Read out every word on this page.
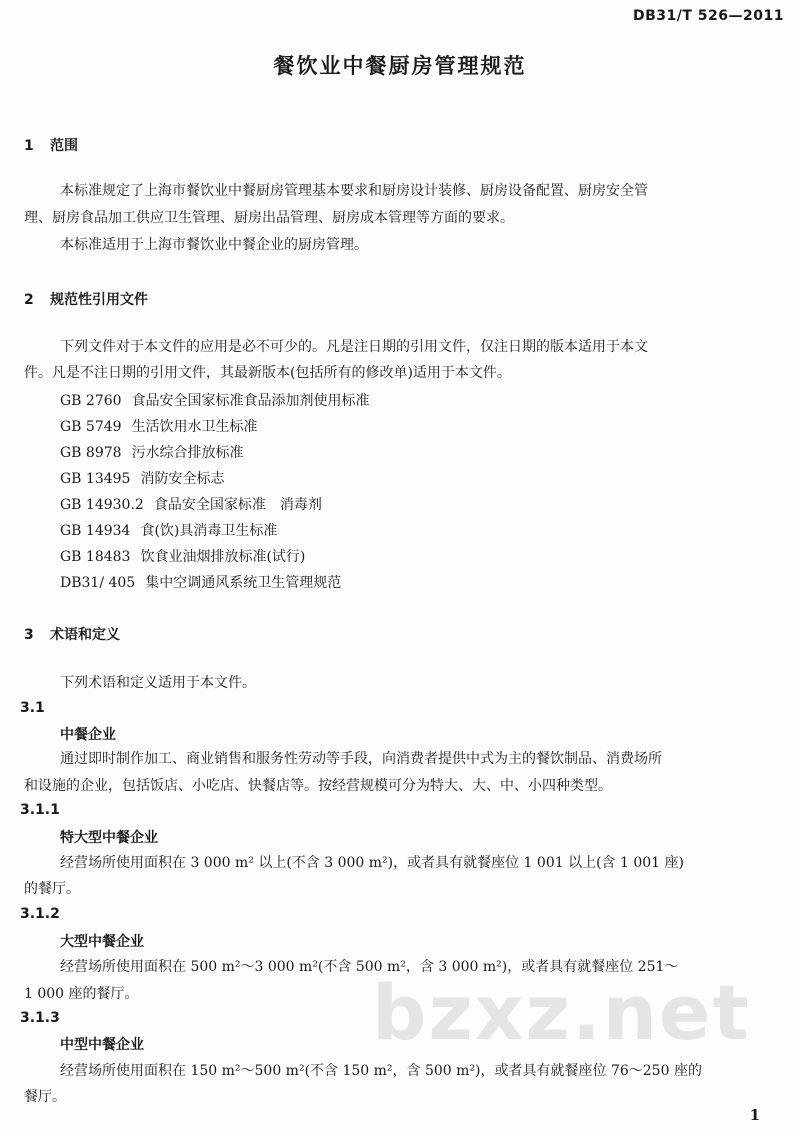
DB31/T 526—2011
餐饮业中餐厨房管理规范
1 范围
本标准规定了上海市餐饮业中餐厨房管理基本要求和厨房设计装修、厨房设备配置、厨房安全管
理、厨房食品加工供应卫生管理、厨房出品管理、厨房成本管理等方面的要求。
本标准适用于上海市餐饮业中餐企业的厨房管理。
2 规范性引用文件
下列文件对于本文件的应用是必不可少的。凡是注日期的引用文件，仅注日期的版本适用于本文
件。凡是不注日期的引用文件，其最新版本(包括所有的修改单)适用于本文件。
GB 2760 食品安全国家标准食品添加剂使用标准
GB 5749 生活饮用水卫生标准
GB 8978 污水综合排放标准
GB 13495 消防安全标志
GB 14930.2 食品安全国家标准　消毒剂
GB 14934 食(饮)具消毒卫生标准
GB 18483 饮食业油烟排放标准(试行)
DB31/ 405 集中空调通风系统卫生管理规范
3 术语和定义
下列术语和定义适用于本文件。
3.1
中餐企业
通过即时制作加工、商业销售和服务性劳动等手段，向消费者提供中式为主的餐饮制品、消费场所
和设施的企业，包括饭店、小吃店、快餐店等。按经营规模可分为特大、大、中、小四种类型。
3.1.1
特大型中餐企业
经营场所使用面积在 3 000 m² 以上(不含 3 000 m²)，或者具有就餐座位 1 001 以上(含 1 001 座)
的餐厅。
3.1.2
大型中餐企业
经营场所使用面积在 500 m²～3 000 m²(不含 500 m²，含 3 000 m²)，或者具有就餐座位 251～
1 000 座的餐厅。
3.1.3
中型中餐企业
经营场所使用面积在 150 m²～500 m²(不含 150 m²，含 500 m²)，或者具有就餐座位 76～250 座的
餐厅。
bzxz.net
1
